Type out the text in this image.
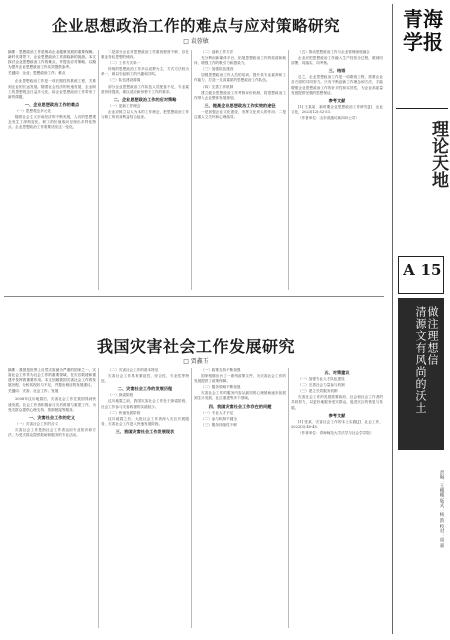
企业思想政治工作的难点与应对策略研究
□ 袁蓉敏

摘要：思想政治工作是推动企业健康发展的重要保障。新时代背景下，企业思想政治工作面临新的挑战。本文探讨企业思想政治工作的难点，并提出应对策略，以期为提升企业思想政治工作实效提供参考。

关键词：企业；思想政治工作；难点

企业思想政治工作是一项长期性的系统工程，关系到企业的长远发展。随着社会经济的快速发展，企业职工的思想观念日益多元化，给企业思想政治工作带来了新的课题。

一、企业思想政治工作的难点

（一）思想观念多元化

随着社会主义市场经济的不断发展，人们的思想观念发生了深刻变化，职工的价值取向呈现出多样化特点。企业思想政治工作需要适应这一变化。

二是部分企业对思想政治工作重视程度不够，存在重业务轻思想的倾向。

（二）工作方式单一

传统的思想政治工作多以说教为主，方式方法较为单一，难以引起职工的兴趣和共鸣。

（三）队伍建设薄弱

部分企业思想政治工作队伍人员配备不足，专业素质有待提高，难以适应新形势下工作的要求。

二、企业思想政治工作的应对策略

（一）更新工作理念

企业应树立以人为本的工作理念，把思想政治工作与职工的切身利益结合起来。

（二）创新工作方法

充分利用新媒体平台，拓展思想政治工作的渠道和载体，增强工作的吸引力和感染力。

（三）加强队伍建设

加强思想政治工作人员的培训，提升其专业素养和工作能力，打造一支高素质的思想政治工作队伍。

（四）完善工作机制

建立健全思想政治工作考核评价机制，将思想政治工作纳入企业整体发展规划。

三、提高企业思想政治工作实效的途径

一是加强企业文化建设，发挥文化育人的作用；二是注重人文关怀和心理疏导。

（五）推动思想政治工作与企业管理深度融合

企业应把思想政治工作融入生产经营全过程，做到同部署、同落实、同考核。

三、结语

总之，企业思想政治工作是一项系统工程，需要企业各方面的共同努力。只有不断创新工作理念和方法，才能增强企业思想政治工作的针对性和实效性，为企业高质量发展提供坚强的思想保证。

参考文献

[1] 王某某．新时期企业思想政治工作研究[J]．企业文化，2023(12):52-53.

（作者单位：山东省潍坊新四环公司）

我国灾害社会工作发展研究
□ 贾鑫玉

摘要：我国是世界上自然灾害最为严重的国家之一。灾害社会工作作为社会工作的重要领域，在灾后救援和重建中发挥着重要作用。本文回顾我国灾害社会工作的发展历程，分析其现状与不足，并提出相应的发展建议。

关键词：灾害；社会工作；发展

2008年汶川地震后，灾害社会工作在我国得到快速发展。社会工作者积极参与灾后救援与重建工作，为受灾群众提供心理支持、资源链接等服务。

一、灾害社会工作的定义

（一）灾害社会工作的含义

灾害社会工作是指社会工作者运用专业知识和方法，为受灾群众提供救助和服务的专业活动。

（二）灾害社会工作的基本特征

灾害社会工作具有紧迫性、综合性、专业性等特征。

二、灾害社会工作的发展历程

（一）探索阶段

汶川地震之前，我国灾害社会工作处于探索阶段，社会工作参与灾害救援的实践较少。

（二）快速发展阶段

汶川地震之后，大批社会工作者深入灾区开展服务，灾害社会工作进入快速发展阶段。

三、我国灾害社会工作发展现状

（一）政策支持不断加强

国家相继出台了一系列政策文件，为灾害社会工作的发展提供了政策保障。

（二）服务领域不断拓展

灾害社会工作的服务内容从最初的心理援助逐步拓展到生计发展、社区重建等多个领域。

四、我国灾害社会工作存在的问题

（一）专业人才不足

（二）参与机制不健全

（三）服务持续性不够

五、对策建议

（一）加强专业人才队伍建设

（二）完善社会力量参与机制

（三）建立长效服务机制

灾害社会工作的发展需要政府、社会和社会工作者的共同努力，以更好地服务受灾群众，促进灾区的恢复与发展。

参考文献

[1] 张某．灾害社会工作的本土实践[J]．社会工作，2022(3):40-45.

（作者单位：青海师范大学法学与社会学学院）

青海学报
理论天地
A 15
做注理想信
清源文有风尚的沃土
责编：王娜娜 版式：杨 韵 校对：周 嘉
